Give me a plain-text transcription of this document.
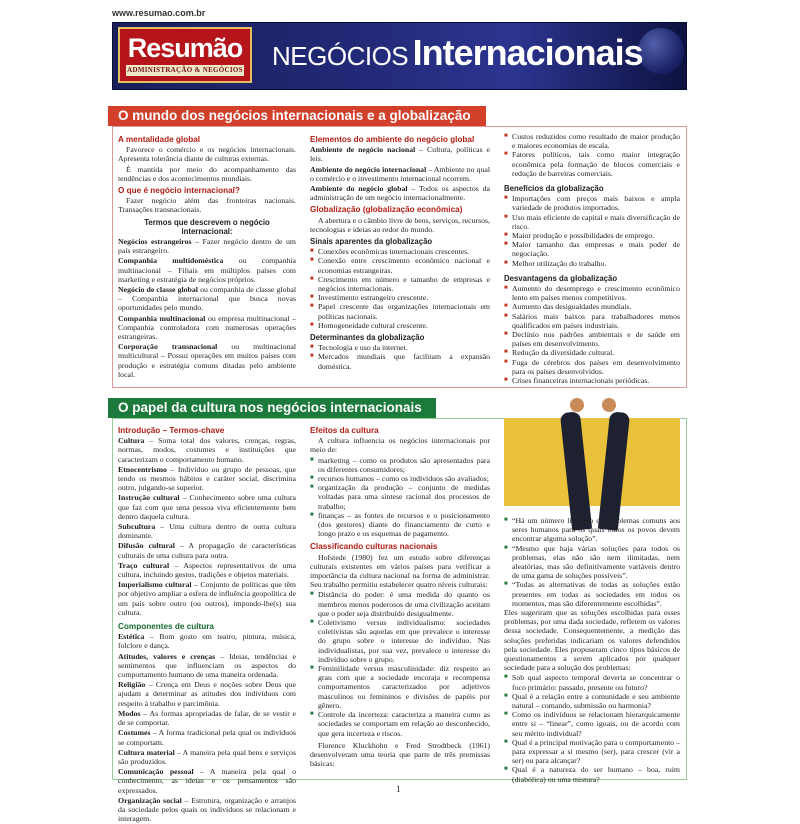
www.resumao.com.br
Resumão
ADMINISTRAÇÃO & NEGÓCIOS NEGÓCIOS Internacionais
O mundo dos negócios internacionais e a globalização
A mentalidade global

Favorece o comércio e os negócios internacionais. Apresenta tolerância diante de culturas externas.

É mantida por meio do acompanhamento das tendências e dos acontecimentos mundiais.

O que é negócio internacional?

Fazer negócio além das fronteiras nacionais. Transações transnacionais.

Termos que descrevem o negócio internacional:

Negócios estrangeiros – Fazer negócio dentro de um país estrangeiro.

Companhia multidoméstica ou companhia multinacional – Filiais em múltiplos países com marketing e estratégia de negócios próprios.

Negócio de classe global ou companhia de classe global – Companhia internacional que busca novas oportunidades pelo mundo.

Companhia multinacional ou empresa multinacional – Companhia controladora com numerosas operações estrangeiras.

Corporação transnacional ou multinacional multicultural – Possui operações em muitos países com produção e estratégia comuns ditadas pelo ambiente local.

Elementos do ambiente do negócio global

Ambiente de negócio nacional – Cultura, políticas e leis.

Ambiente do negócio internacional – Ambiente no qual o comércio e o investimento internacional ocorrem.

Ambiente do negócio global – Todos os aspectos da administração de um negócio internacionalmente.

Globalização (globalização econômica)

A abertura e o câmbio livre de bens, serviços, recursos, tecnologias e ideias ao redor do mundo.

Sinais aparentes da globalização
■ Conexões econômicas internacionais crescentes.
■ Conexão entre crescimento econômico nacional e economias estrangeiras.
■ Crescimento em número e tamanho de empresas e negócios internacionais.
■ Investimento estrangeiro crescente.
■ Papel crescente das organizações internacionais em políticas nacionais.
■ Homogeneidade cultural crescente.
Determinantes da globalização
■ Tecnologia e uso da internet.
■ Mercados mundiais que facilitam a expansão doméstica.
■ Custos reduzidos como resultado de maior produção e maiores economias de escala.
■ Fatores políticos, tais como maior integração econômica pela formação de blocos comerciais e redução de barreiras comerciais.
Benefícios da globalização
■ Importações com preços mais baixos e ampla variedade de produtos importados.
■ Uso mais eficiente de capital e mais diversificação de risco.
■ Maior produção e possibilidades de emprego.
■ Maior tamanho das empresas e mais poder de negociação.
■ Melhor utilização do trabalho.
Desvantagens da globalização
■ Aumento do desemprego e crescimento econômico lento em países menos competitivos.
■ Aumento das desigualdades mundiais.
■ Salários mais baixos para trabalhadores menos qualificados em países industriais.
■ Declínio nos padrões ambientais e de saúde em países em desenvolvimento.
■ Redução da diversidade cultural.
■ Fuga de cérebros dos países em desenvolvimento para os países desenvolvidos.
■ Crises financeiras internacionais periódicas.
O papel da cultura nos negócios internacionais
Introdução – Termos-chave

Cultura – Soma total dos valores, crenças, regras, normas, modos, costumes e instituições que caracterizam o comportamento humano.

Etnocentrismo – Indivíduo ou grupo de pessoas, que tendo os mesmos hábitos e caráter social, discrimina outro, julgando-se superior.

Instrução cultural – Conhecimento sobre uma cultura que faz com que uma pessoa viva eficientemente bem dentro daquela cultura.

Subcultura – Uma cultura dentro de outra cultura dominante.

Difusão cultural – A propagação de características culturais de uma cultura para outra.

Traço cultural – Aspectos representativos de uma cultura, incluindo gestos, tradições e objetos materiais.

Imperialismo cultural – Conjunto de políticas que têm por objetivo ampliar a esfera de influência geopolítica de um país sobre outro (ou outros), impondo-lhe(s) sua cultura.

Componentes de cultura

Estética – Bom gosto em teatro, pintura, música, folclore e dança.

Atitudes, valores e crenças – Ideias, tendências e sentimentos que influenciam os aspectos do comportamento humano de uma maneira ordenada.

Religião – Crença em Deus e noções sobre Deus que ajudam a determinar as atitudes dos indivíduos com respeito à trabalho e parcimônia.

Modos – As formas apropriadas de falar, de se vestir e de se comportar.

Costumes – A forma tradicional pela qual os indivíduos se comportam.

Cultura material – A maneira pela qual bens e serviços são produzidos.

Comunicação pessoal – A maneira pela qual o conhecimento, as ideias e os pensamentos são expressados.

Organização social – Estrutura, organização e arranjos da sociedade pelos quais os indivíduos se relacionam e interagem.

Efeitos da cultura

A cultura influencia os negócios internacionais por meio de:

■ marketing – como os produtos são apresentados para os diferentes consumidores;
■ recursos humanos – como os indivíduos são avaliados;
■ organização da produção – conjunto de medidas voltadas para uma síntese racional dos processos de trabalho;
■ finanças – as fontes de recursos e o posicionamento (dos gestores) diante do financiamento de curto e longo prazo e os esquemas de pagamento.
Classificando culturas nacionais

Hofstede (1980) fez um estudo sobre diferenças culturais existentes em vários países para verificar a importância da cultura nacional na forma de administrar. Seu trabalho permitiu estabelecer quatro níveis culturais:

■ Distância do poder: é uma medida do quanto os membros menos poderosos de uma civilização aceitam que o poder seja distribuído desigualmente.
■ Coletivismo versus individualismo: sociedades coletivistas são aquelas em que prevalece o interesse do grupo sobre o interesse do indivíduo. Nas individualistas, por sua vez, prevalece o interesse do indivíduo sobre o grupo.
■ Feminilidade versus masculinidade: diz respeito ao grau com que a sociedade encoraja e recompensa comportamentos caracterizados por adjetivos masculinos ou femininos e divisões de papéis por gênero.
■ Controle da incerteza: caracteriza a maneira como as sociedades se comportam em relação ao desconhecido, que gera incerteza e riscos.

Florence Kluckhohn e Fred Strodtbeck (1961) desenvolveram uma teoria que parte de três premissas básicas:

■ “Há um número limitado de problemas comuns aos seres humanos para os quais todos os povos devem encontrar alguma solução”.
■ “Mesmo que haja várias soluções para todos os problemas, elas não são nem ilimitadas, nem aleatórias, mas são definitivamente variáveis dentro de uma gama de soluções possíveis”.
■ “Todas as alternativas de todas as soluções estão presentes em todas as sociedades em todos os momentos, mas são diferentemente escolhidas”.

Eles sugeriram que as soluções escolhidas para esses problemas, por uma dada sociedade, refletem os valores dessa sociedade. Consequentemente, a medição das soluções preferidas indicariam os valores defendidos pela sociedade. Eles propuseram cinco tipos básicos de questionamentos a serem aplicados por qualquer sociedade para a solução dos problemas:

■ Sob qual aspecto temporal deveria se concentrar o foco primário: passado, presente ou futuro?
■ Qual é a relação entre a comunidade e seu ambiente natural – comando, submissão ou harmonia?
■ Como os indivíduos se relacionam hierarquicamente entre si – “linear”, como iguais, ou de acordo com seu mérito individual?
■ Qual é a principal motivação para o comportamento – para expressar a si mesmo (ser), para crescer (vir a ser) ou para alcançar?
■ Qual é a natureza do ser humano – boa, ruim (diabólica) ou uma mistura?
1
